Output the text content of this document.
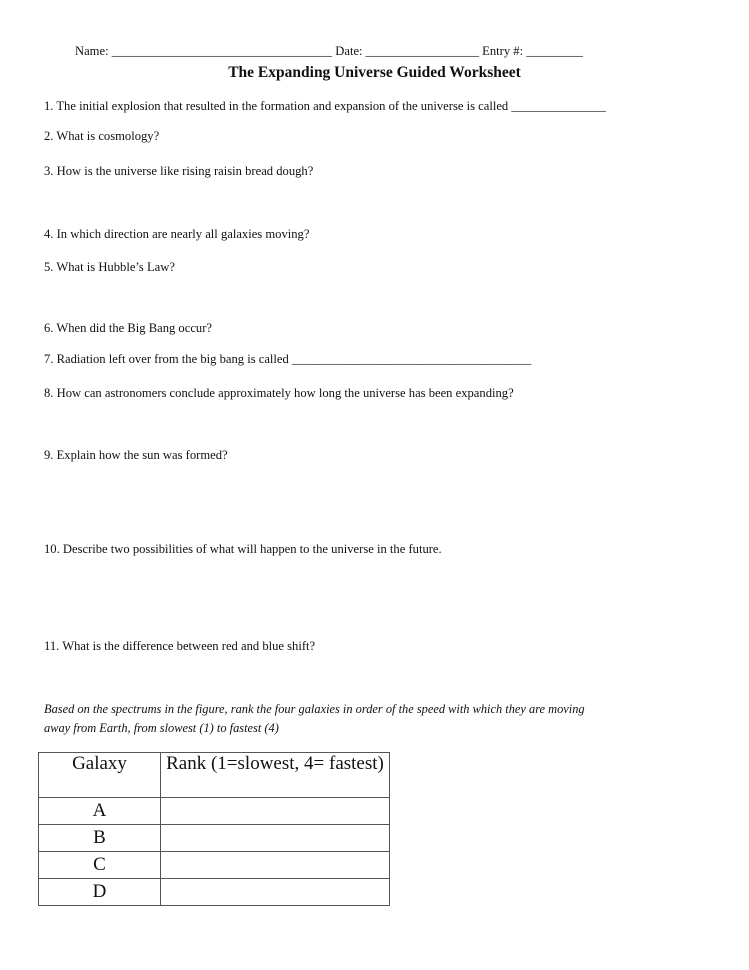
Name: ___________________________________ Date: __________________ Entry #: _________
The Expanding Universe Guided Worksheet
1. The initial explosion that resulted in the formation and expansion of the universe is called _______________
2. What is cosmology?
3. How is the universe like rising raisin bread dough?
4. In which direction are nearly all galaxies moving?
5. What is Hubble’s Law?
6. When did the Big Bang occur?
7. Radiation left over from the big bang is called ______________________________________
8. How can astronomers conclude approximately how long the universe has been expanding?
9. Explain how the sun was formed?
10. Describe two possibilities of what will happen to the universe in the future.
11. What is the difference between red and blue shift?
Based on the spectrums in the figure, rank the four galaxies in order of the speed with which they are moving
away from Earth, from slowest (1) to fastest (4)
Galaxy	Rank (1=slowest, 4= fastest)
A	
B	
C	
D	
